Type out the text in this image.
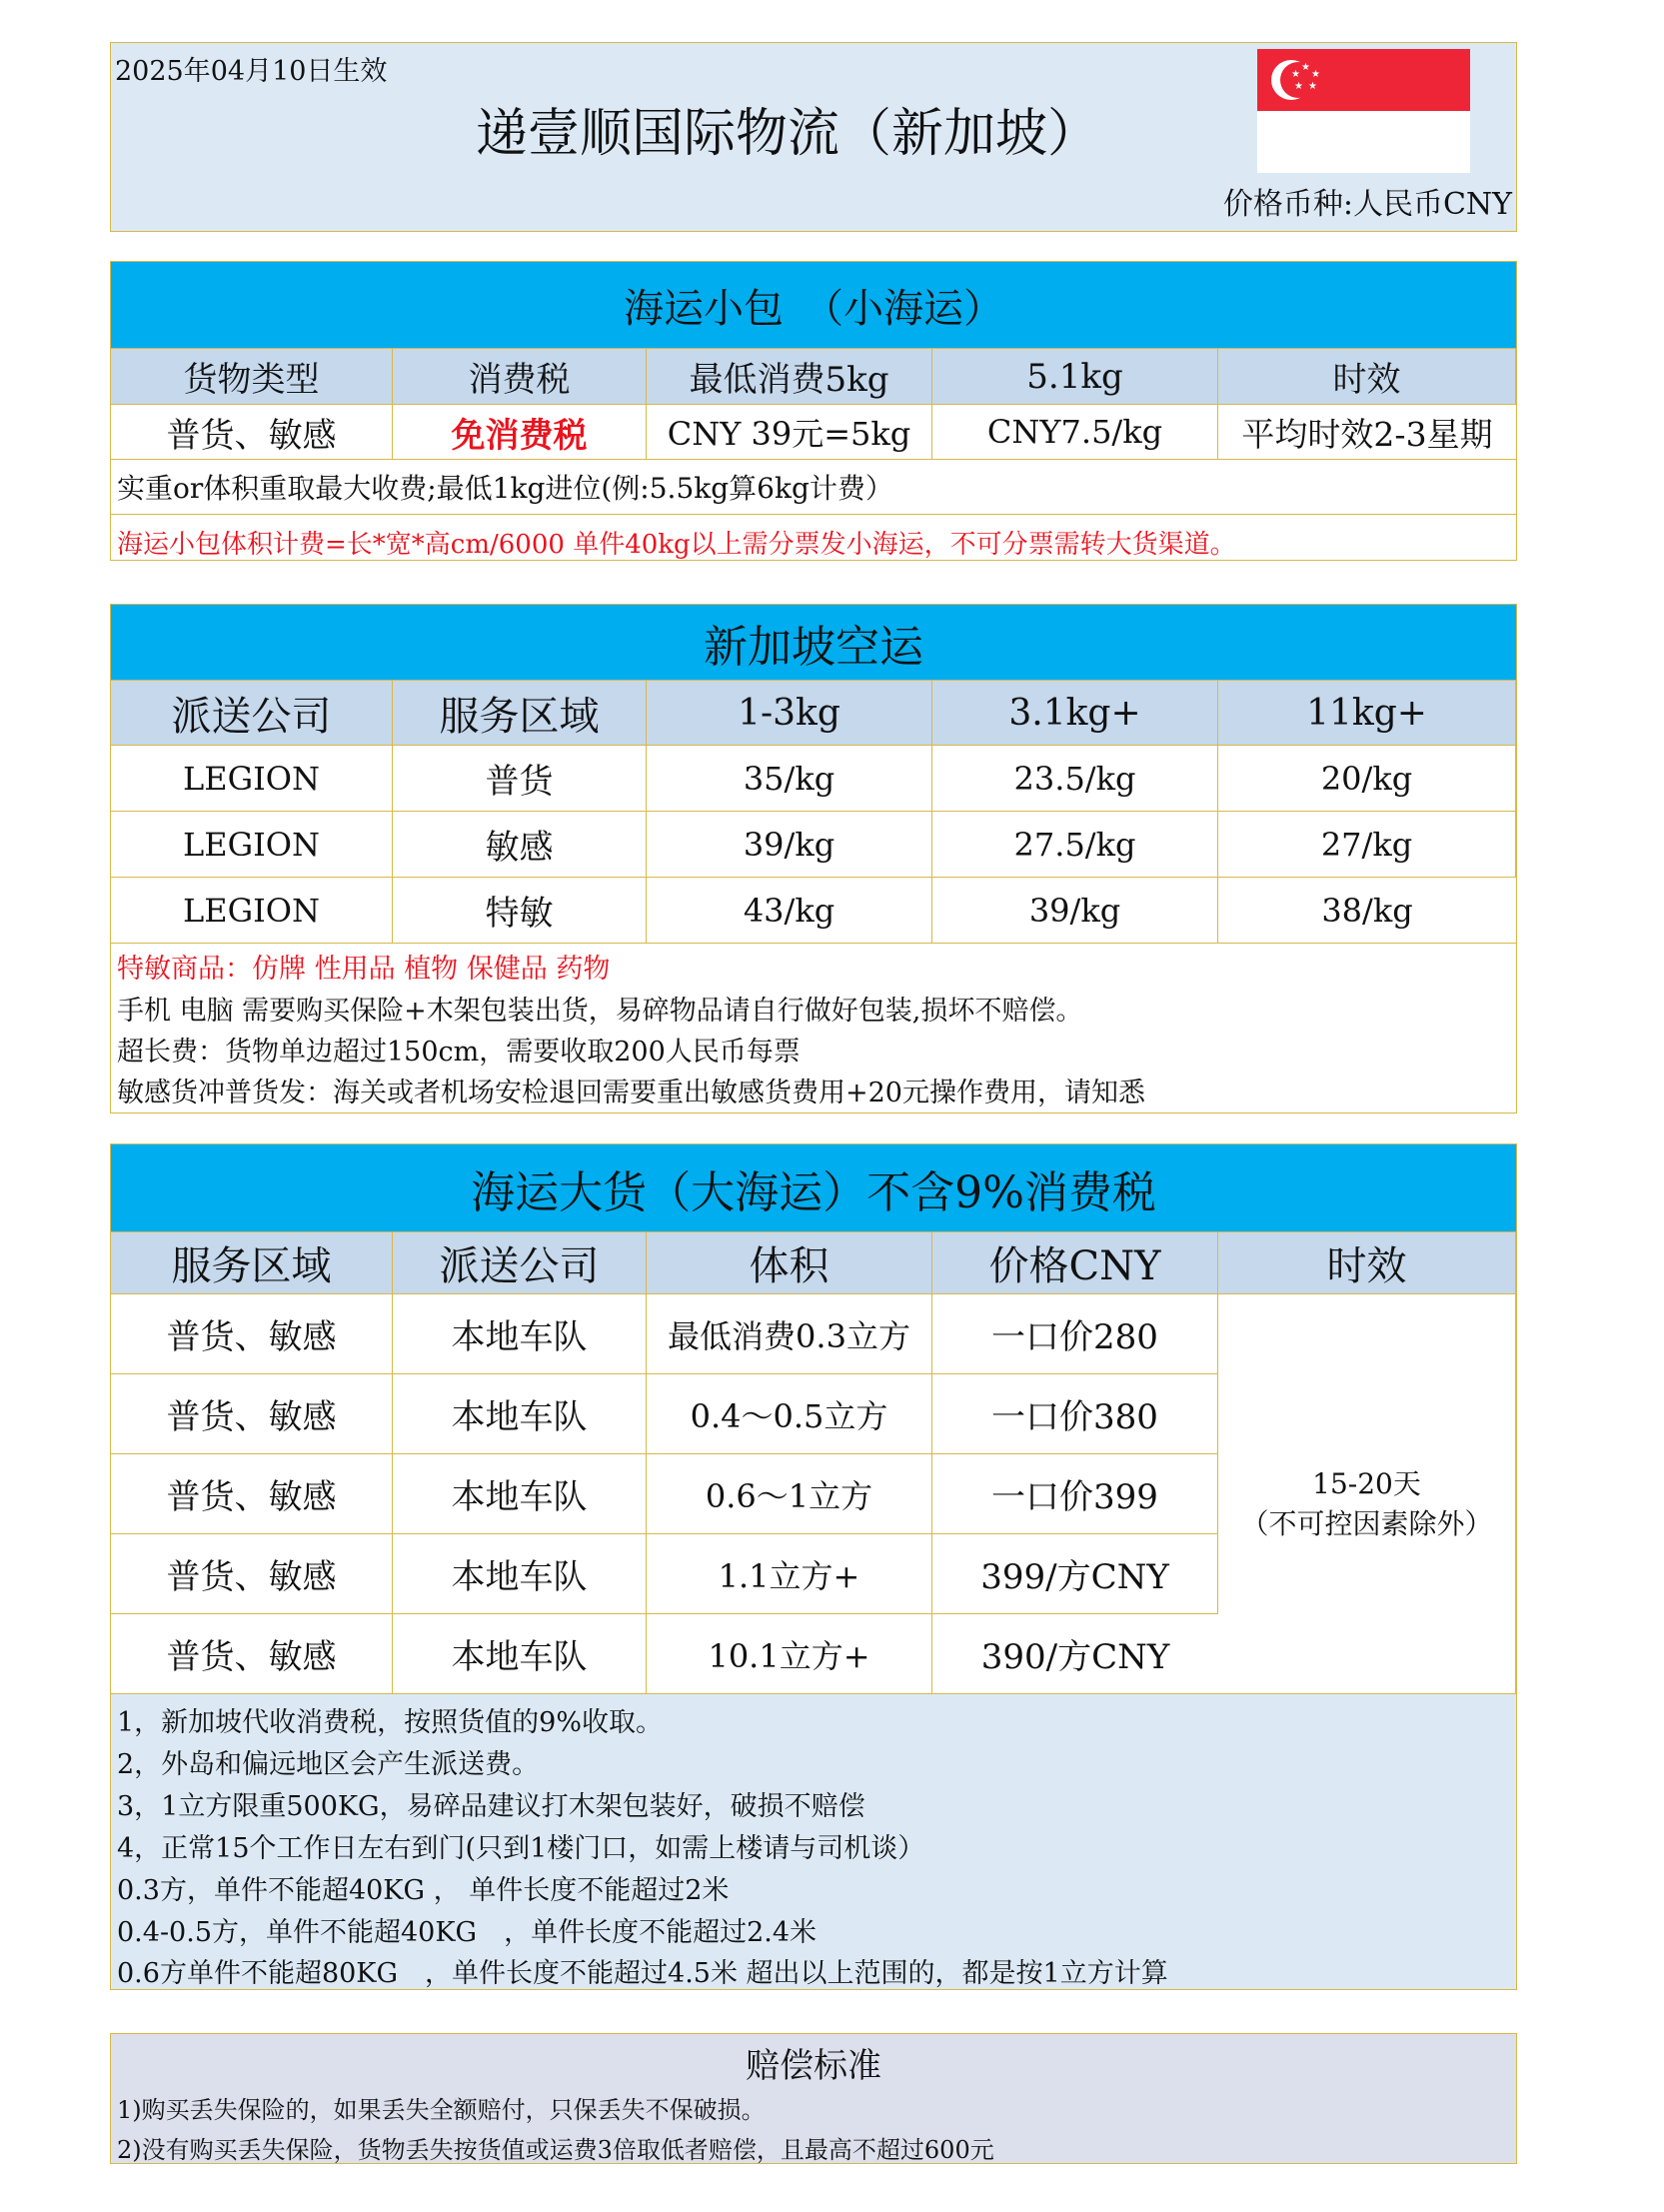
2025年04月10日生效
递壹顺国际物流（新加坡）
★
★
★
★
★
价格币种:人民币CNY
海运小包　（小海运）
货物类型	消费税	最低消费5kg	5.1kg	时效
普货、敏感	免消费税	CNY 39元=5kg	CNY7.5/kg	平均时效2-3星期
实重or体积重取最大收费;最低1kg进位(例:5.5kg算6kg计费）
海运小包体积计费=长*宽*高cm/6000 单件40kg以上需分票发小海运，不可分票需转大货渠道。
新加坡空运
派送公司	服务区域	1-3kg	3.1kg+	11kg+
LEGION	普货	35/kg	23.5/kg	20/kg
LEGION	敏感	39/kg	27.5/kg	27/kg
LEGION	特敏	43/kg	39/kg	38/kg
特敏商品：仿牌 性用品 植物 保健品 药物
手机 电脑 需要购买保险+木架包装出货，易碎物品请自行做好包装,损坏不赔偿。
超长费：货物单边超过150cm，需要收取200人民币每票
敏感货冲普货发：海关或者机场安检退回需要重出敏感货费用+20元操作费用，请知悉
海运大货（大海运）不含9%消费税
服务区域	派送公司	体积	价格CNY	时效
普货、敏感	本地车队	最低消费0.3立方	一口价280
15-20天
（不可控因素除外）
普货、敏感	本地车队	0.4～0.5立方	一口价380
普货、敏感	本地车队	0.6～1立方	一口价399
普货、敏感	本地车队	1.1立方+	399/方CNY
普货、敏感	本地车队	10.1立方+	390/方CNY
1，新加坡代收消费税，按照货值的9%收取。
2，外岛和偏远地区会产生派送费。
3，1立方限重500KG，易碎品建议打木架包装好，破损不赔偿
4，正常15个工作日左右到门(只到1楼门口，如需上楼请与司机谈）
0.3方，单件不能超40KG ， 单件长度不能超过2米
0.4-0.5方，单件不能超40KG　，单件长度不能超过2.4米
0.6方单件不能超80KG　，单件长度不能超过4.5米 超出以上范围的，都是按1立方计算
赔偿标准
1)购买丢失保险的，如果丢失全额赔付，只保丢失不保破损。
2)没有购买丢失保险，货物丢失按货值或运费3倍取低者赔偿，且最高不超过600元
